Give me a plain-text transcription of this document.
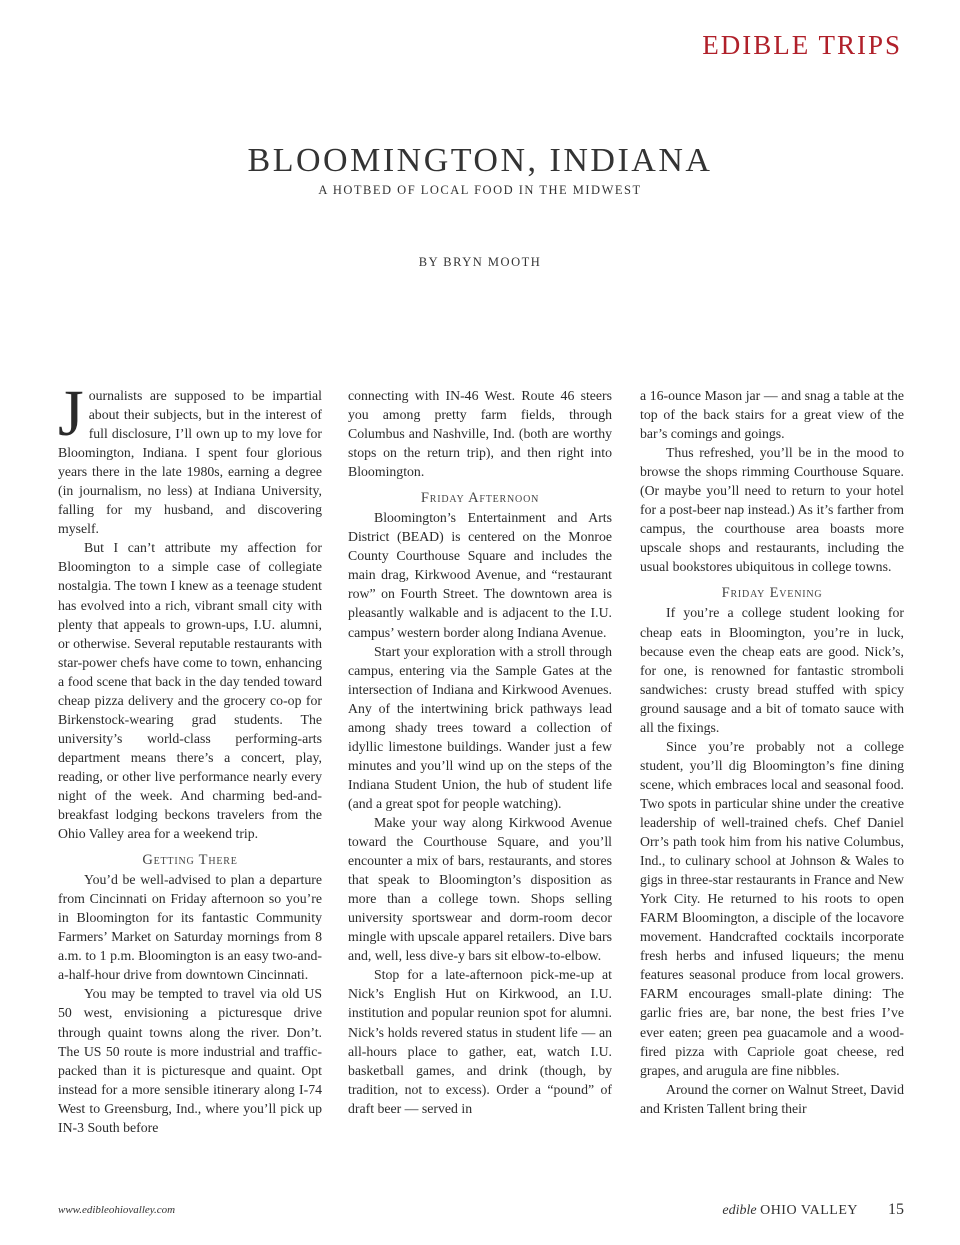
EDIBLE TRIPS
BLOOMINGTON, INDIANA
A HOTBED OF LOCAL FOOD IN THE MIDWEST
BY BRYN MOOTH

Journalists are supposed to be impartial about their subjects, but in the interest of full disclosure, I’ll own up to my love for Bloomington, Indiana. I spent four glorious years there in the late 1980s, earning a degree (in journalism, no less) at Indiana University, falling for my husband, and discovering myself.

But I can’t attribute my affection for Bloomington to a simple case of collegiate nostalgia. The town I knew as a teenage student has evolved into a rich, vibrant small city with plenty that appeals to grown-ups, I.U. alumni, or otherwise. Several reputable restaurants with star-power chefs have come to town, enhancing a food scene that back in the day tended toward cheap pizza delivery and the grocery co-op for Birkenstock-wearing grad students. The university’s world-class performing-arts department means there’s a concert, play, reading, or other live performance nearly every night of the week. And charming bed-and-breakfast lodging beckons travelers from the Ohio Valley area for a weekend trip.

Getting There

You’d be well-advised to plan a departure from Cincinnati on Friday afternoon so you’re in Bloomington for its fantastic Community Farmers’ Market on Saturday mornings from 8 a.m. to 1 p.m. Bloomington is an easy two-and-a-half-hour drive from downtown Cincinnati.

You may be tempted to travel via old US 50 west, envisioning a picturesque drive through quaint towns along the river. Don’t. The US 50 route is more industrial and traffic-packed than it is picturesque and quaint. Opt instead for a more sensible itinerary along I-74 West to Greensburg, Ind., where you’ll pick up IN-3 South before

connecting with IN-46 West. Route 46 steers you among pretty farm fields, through Columbus and Nashville, Ind. (both are worthy stops on the return trip), and then right into Bloomington.

Friday Afternoon

Bloomington’s Entertainment and Arts District (BEAD) is centered on the Monroe County Courthouse Square and includes the main drag, Kirkwood Avenue, and “restaurant row” on Fourth Street. The downtown area is pleasantly walkable and is adjacent to the I.U. campus’ western border along Indiana Avenue.

Start your exploration with a stroll through campus, entering via the Sample Gates at the intersection of Indiana and Kirkwood Avenues. Any of the intertwining brick pathways lead among shady trees toward a collection of idyllic limestone buildings. Wander just a few minutes and you’ll wind up on the steps of the Indiana Student Union, the hub of student life (and a great spot for people watching).

Make your way along Kirkwood Avenue toward the Courthouse Square, and you’ll encounter a mix of bars, restaurants, and stores that speak to Bloomington’s disposition as more than a college town. Shops selling university sportswear and dorm-room decor mingle with upscale apparel retailers. Dive bars and, well, less dive-y bars sit elbow-to-elbow.

Stop for a late-afternoon pick-me-up at Nick’s English Hut on Kirkwood, an I.U. institution and popular reunion spot for alumni. Nick’s holds revered status in student life — an all-hours place to gather, eat, watch I.U. basketball games, and drink (though, by tradition, not to excess). Order a “pound” of draft beer — served in

a 16-ounce Mason jar — and snag a table at the top of the back stairs for a great view of the bar’s comings and goings.

Thus refreshed, you’ll be in the mood to browse the shops rimming Courthouse Square. (Or maybe you’ll need to return to your hotel for a post-beer nap instead.) As it’s farther from campus, the courthouse area boasts more upscale shops and restaurants, including the usual bookstores ubiquitous in college towns.

Friday Evening

If you’re a college student looking for cheap eats in Bloomington, you’re in luck, because even the cheap eats are good. Nick’s, for one, is renowned for fantastic stromboli sandwiches: crusty bread stuffed with spicy ground sausage and a bit of tomato sauce with all the fixings.

Since you’re probably not a college student, you’ll dig Bloomington’s fine dining scene, which embraces local and seasonal food. Two spots in particular shine under the creative leadership of well-trained chefs. Chef Daniel Orr’s path took him from his native Columbus, Ind., to culinary school at Johnson & Wales to gigs in three-star restaurants in France and New York City. He returned to his roots to open FARM Bloomington, a disciple of the locavore movement. Handcrafted cocktails incorporate fresh herbs and infused liqueurs; the menu features seasonal produce from local growers. FARM encourages small-plate dining: The garlic fries are, bar none, the best fries I’ve ever eaten; green pea guacamole and a wood-fired pizza with Capriole goat cheese, red grapes, and arugula are fine nibbles.

Around the corner on Walnut Street, David and Kristen Tallent bring their

www.edibleohiovalley.com	edible OHIO VALLEY 15
